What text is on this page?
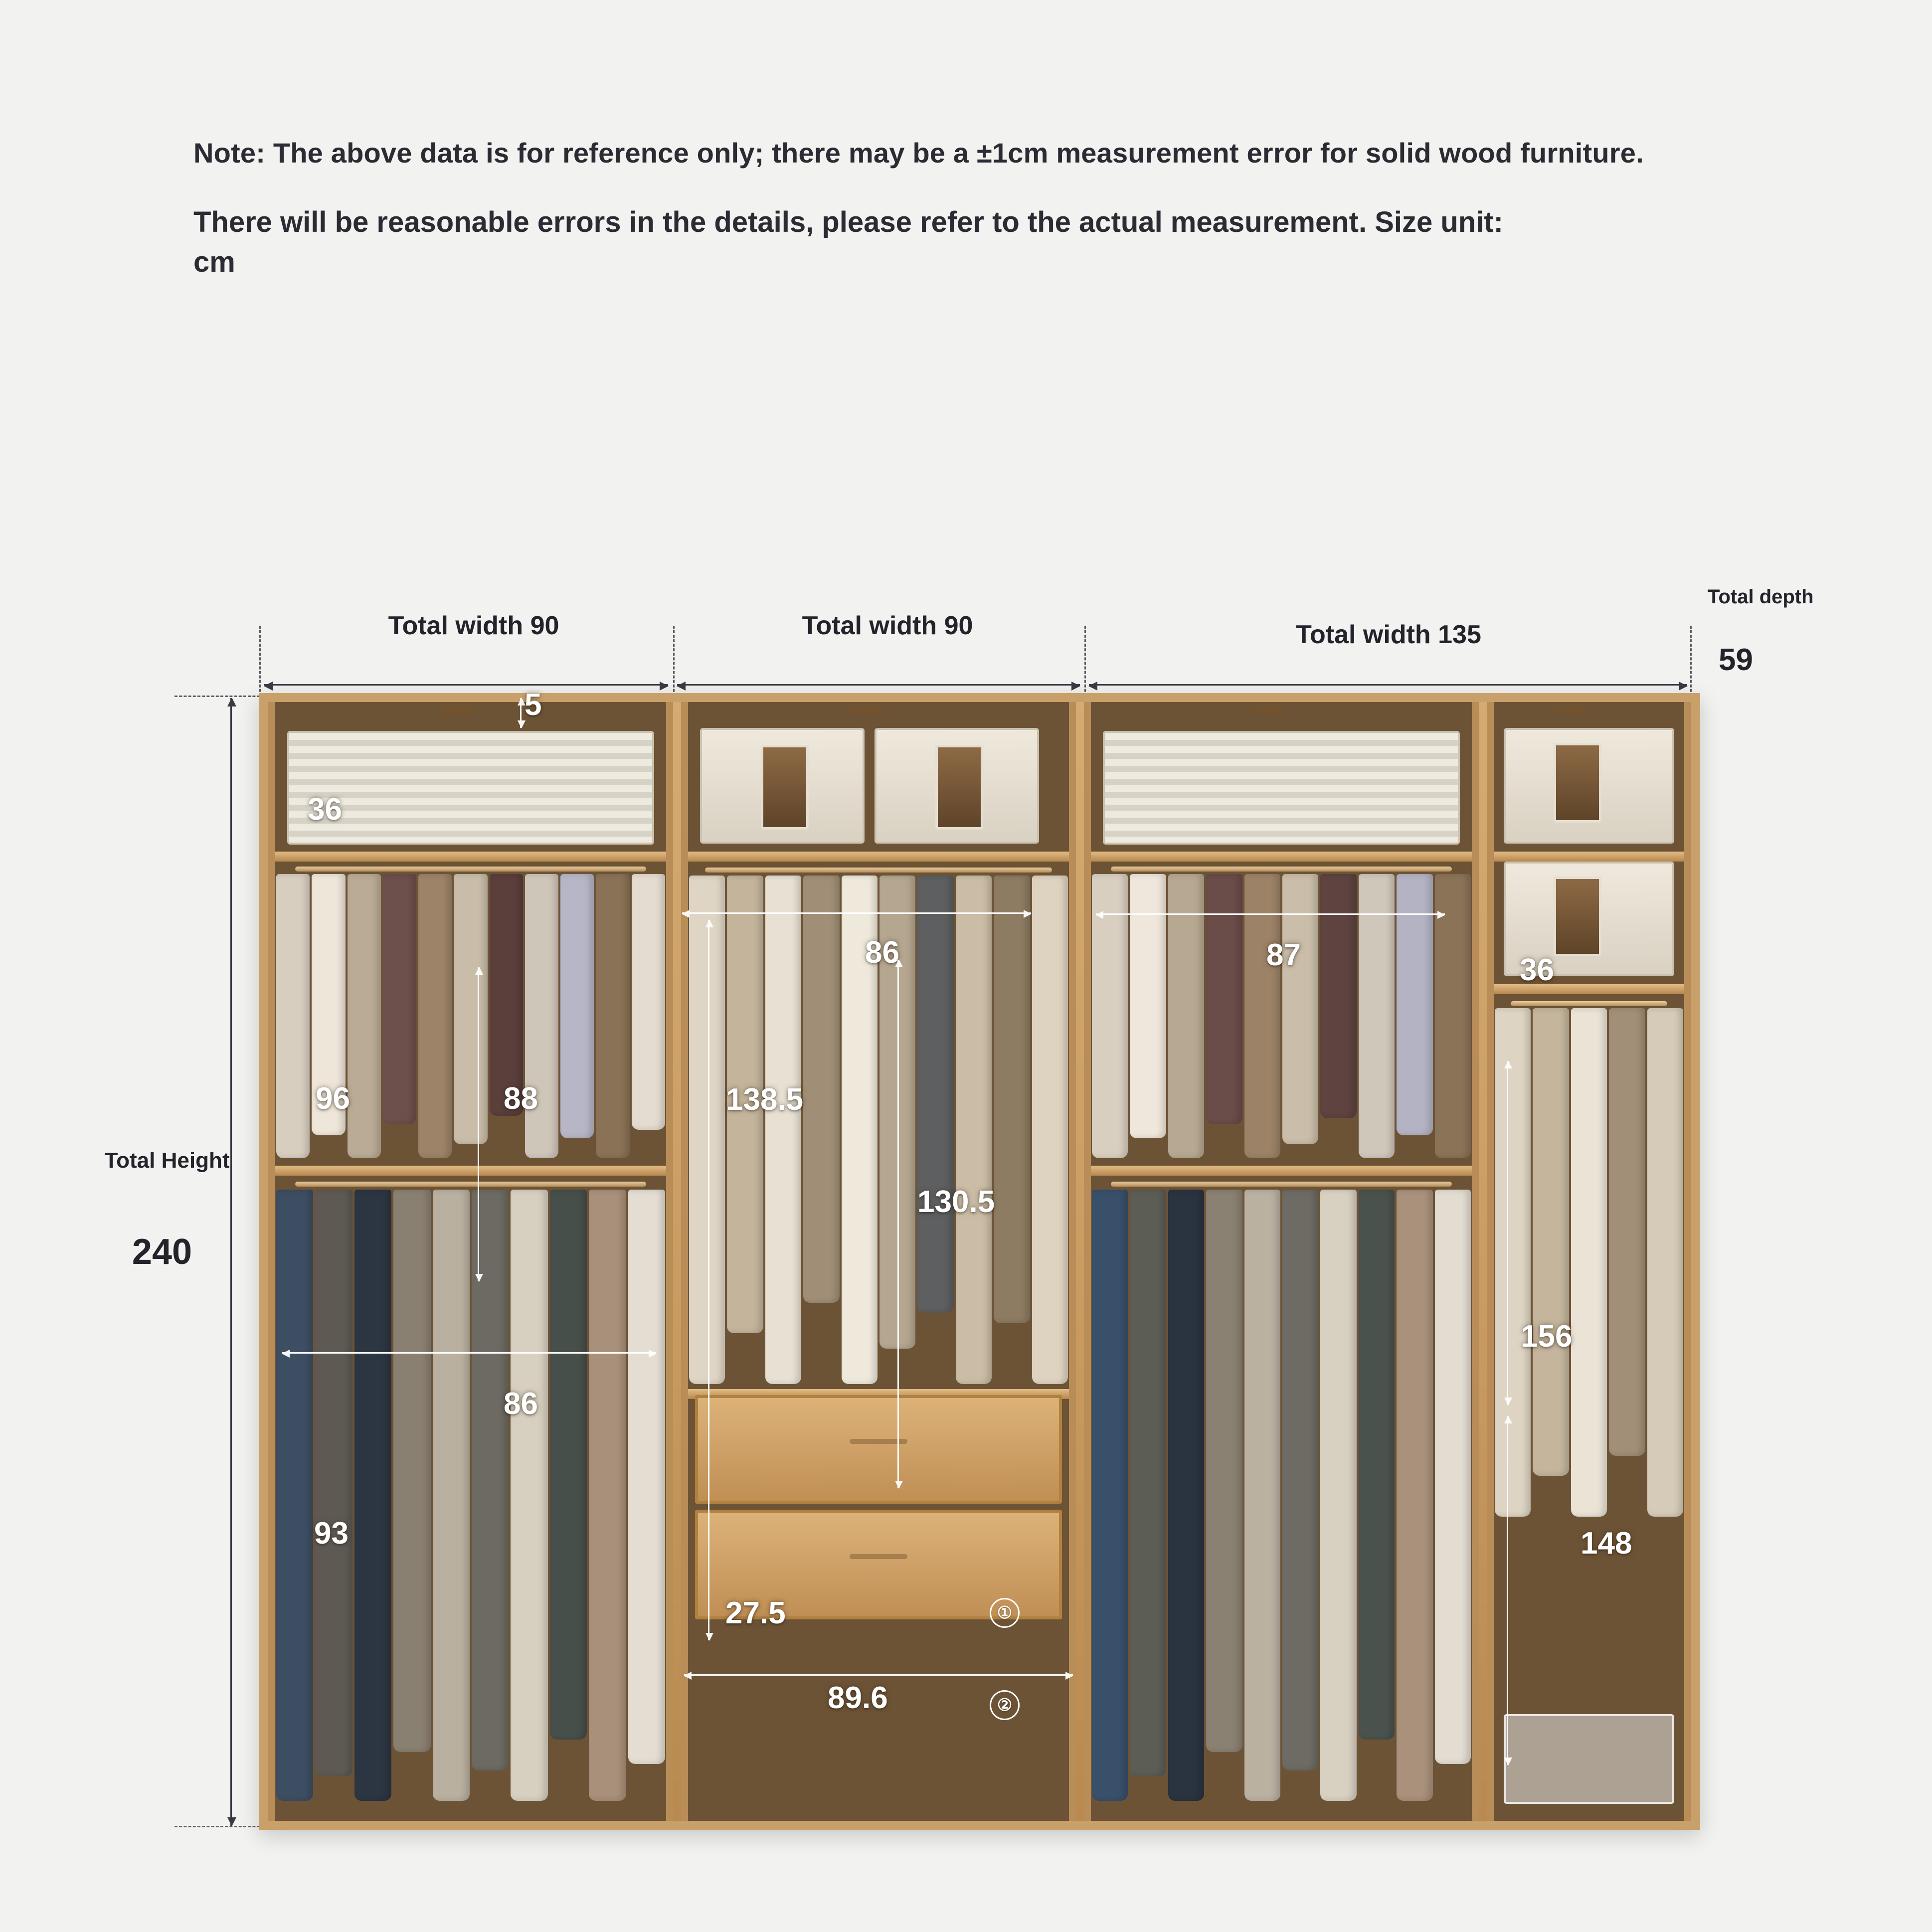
Note: The above data is for reference only; there may be a ±1cm measurement error for solid wood furniture.

There will be reasonable errors in the details, please refer to the actual measurement. Size unit: cm

Total width 90	Total width 90	Total width 135
Total depth
59
Total Height
240
5
36
96	88
86
93
86
138.5
130.5
27.5	①
89.6	②
87	36
156
148
